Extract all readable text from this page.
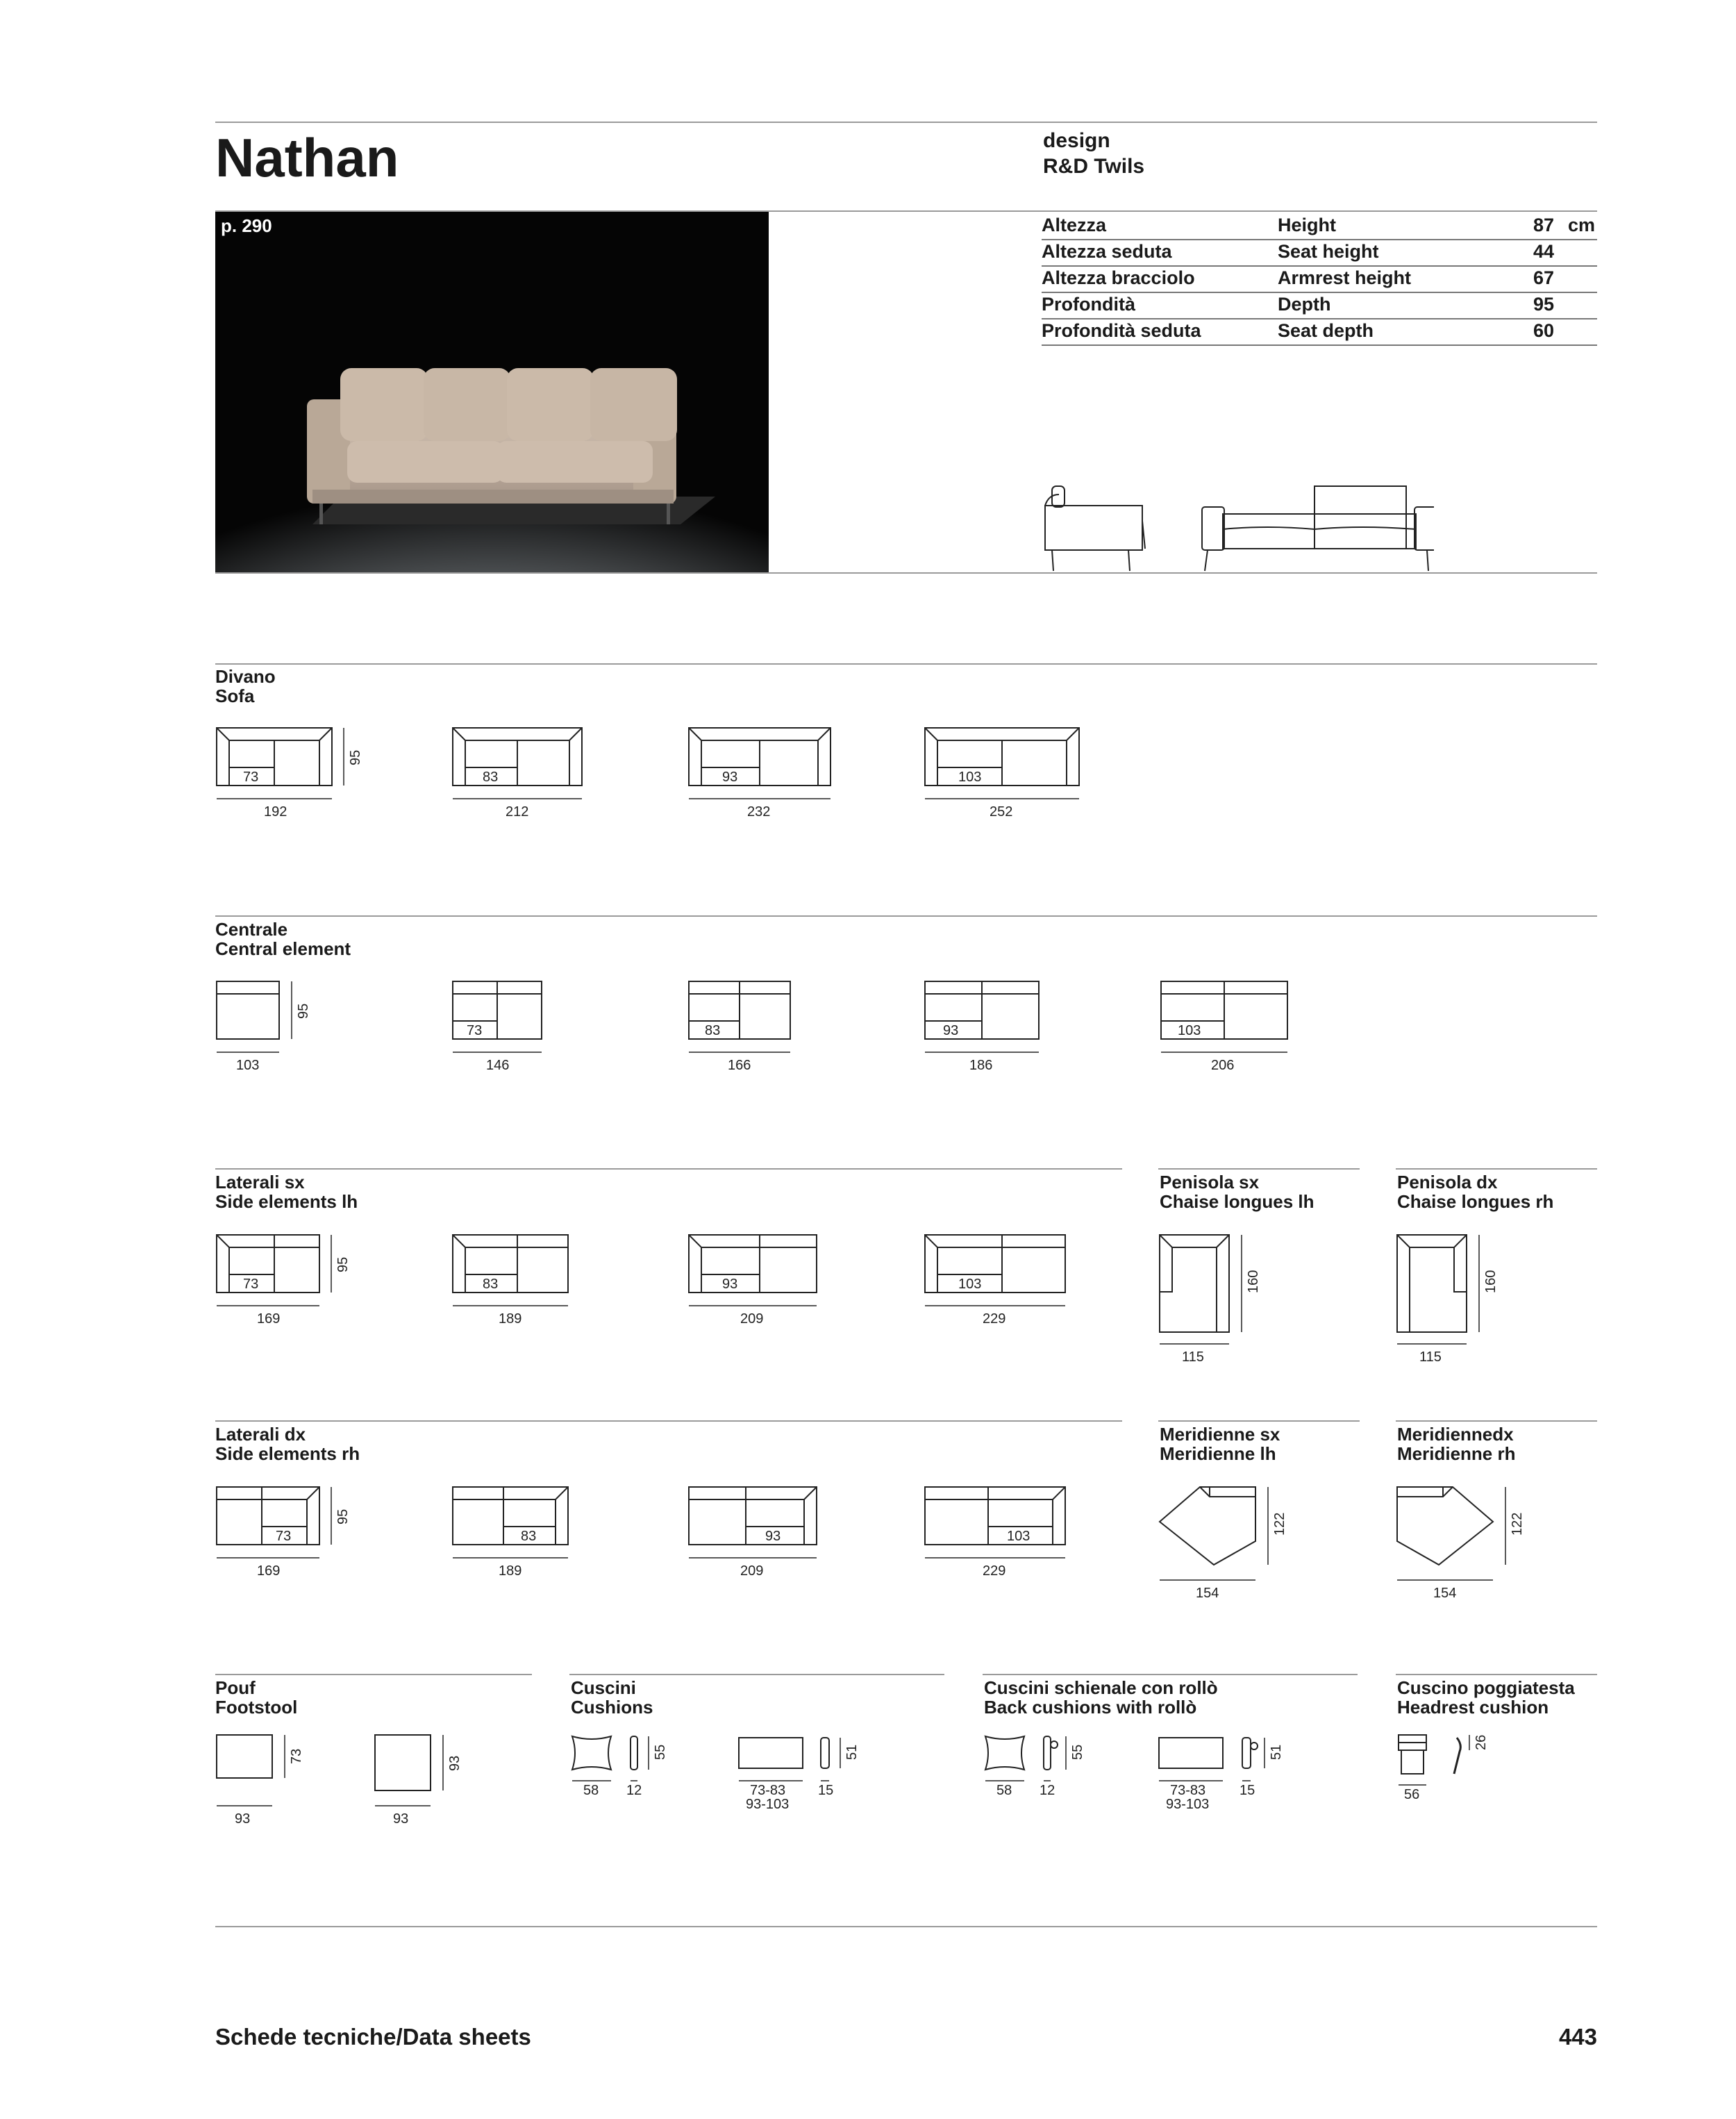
Nathan	design
R&D Twils
p. 290	Altezza	Height	87 cm
Altezza seduta	Seat height	44
Altezza bracciolo	Armrest height	67
Profondità	Depth	95
Profondità seduta	Seat depth	60
Divano
Sofa
73
192
95
83
212
93
232
103
252
Centrale
Central element
103
95
73
146
83
166
93
186
103
206
Laterali sx
Side elements lh
73
169
95
83
189
93
209
103
229
Penisola sx
Chaise longues lh
115
160
Penisola dx
Chaise longues rh
115
160
Laterali dx
Side elements rh
73
169
95
83
189
93
209
103
229
Meridienne sx
Meridienne lh
154
122
Meridiennedx
Meridienne rh
154
122
Pouf
Footstool
93
73
93
93
Cuscini
Cushions
58 12
55
73-83
93-103
15
51
Cuscini schienale con rollò
Back cushions with rollò
58 12
55
73-83
93-103
15
51
Cuscino poggiatesta
Headrest cushion
56
26
Schede tecniche/Data sheets	443
